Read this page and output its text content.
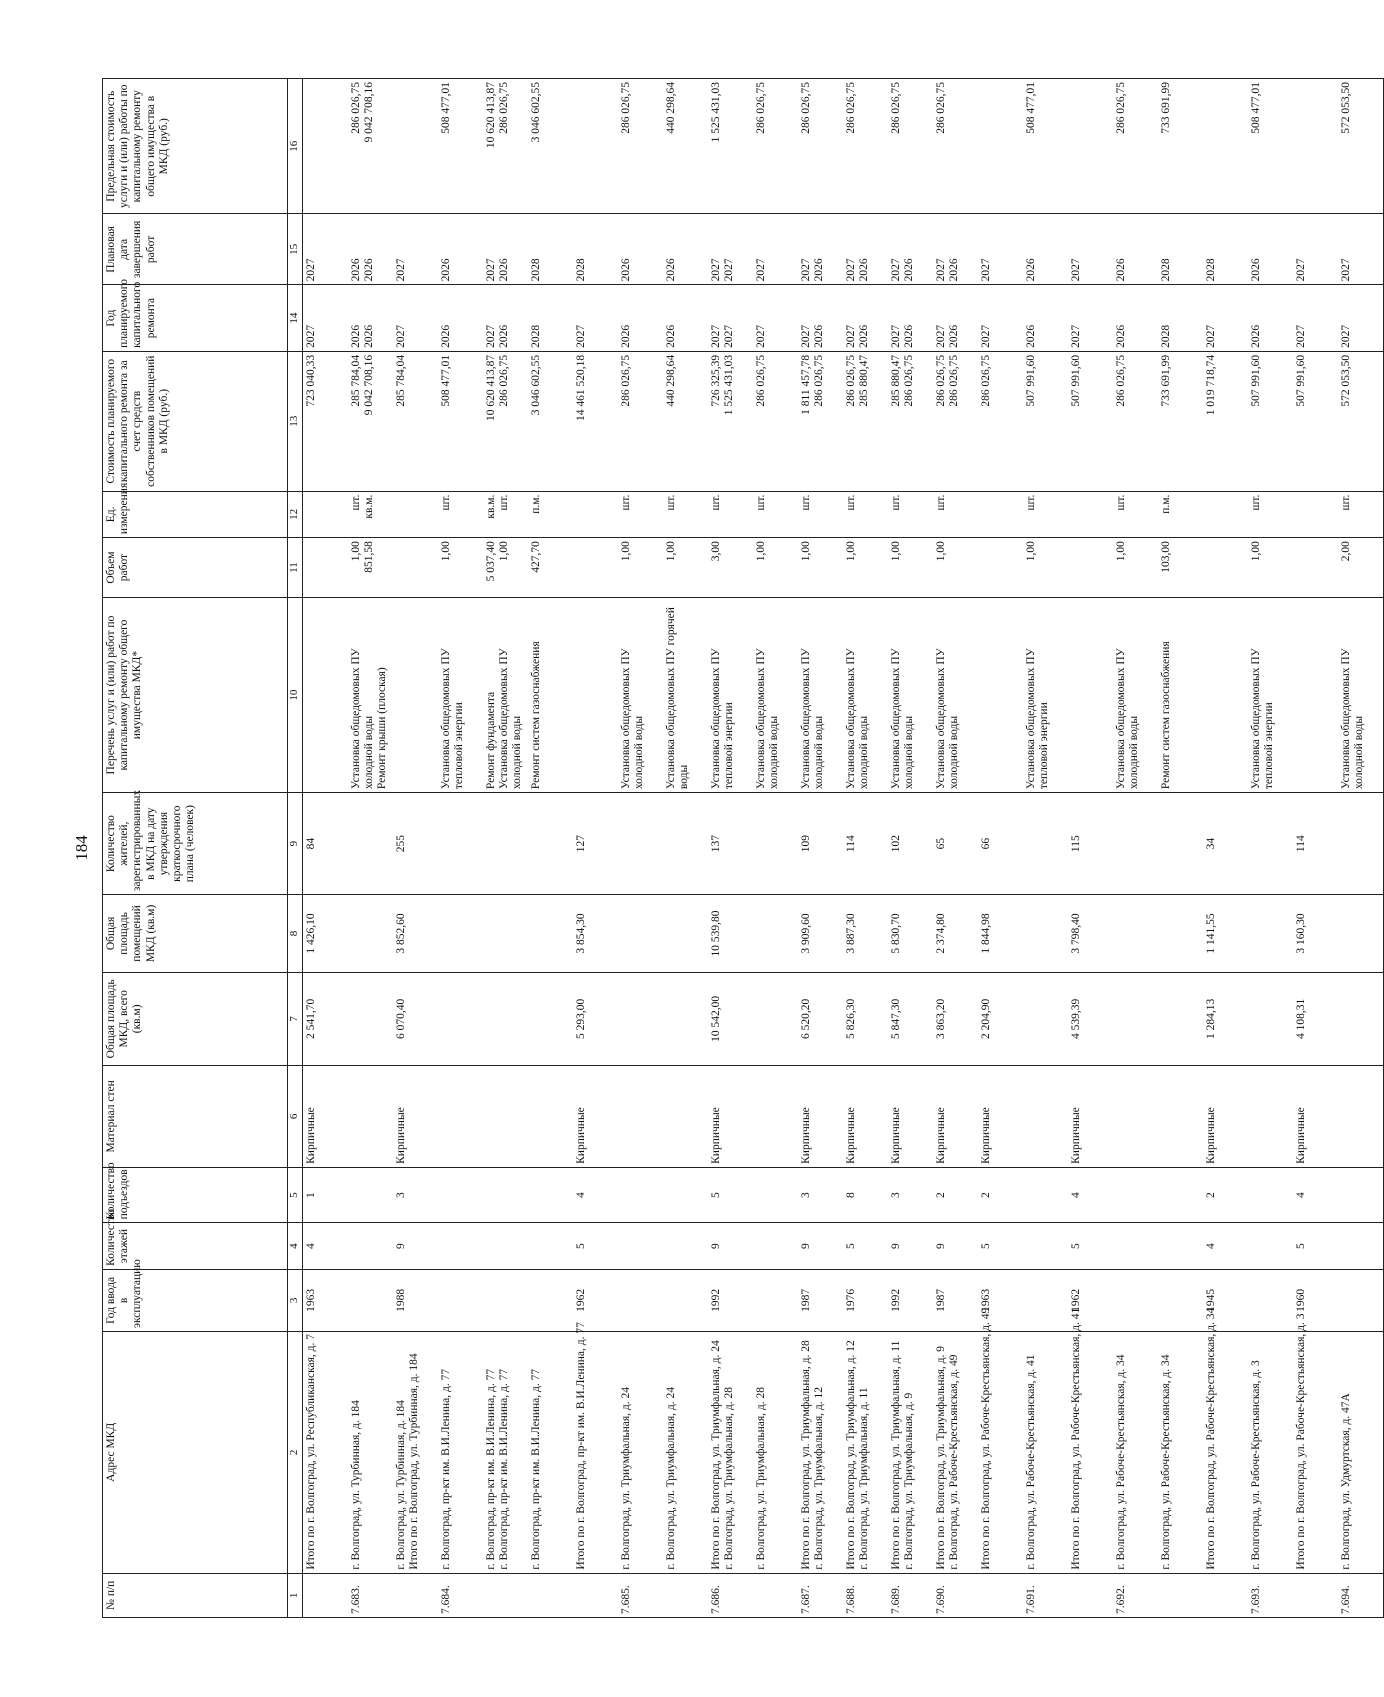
184
№ п/п	Адрес МКД	Год ввода в эксплуатацию	Количество этажей	Количество подъездов	Материал стен	Общая площадь МКД, всего (кв.м)	Общая площадь помещений МКД (кв.м)	Количество жителей, зарегистрированных в МКД на дату утверждения краткосрочного плана (человек)	Перечень услуг и (или) работ по капитальному ремонту общего имущества МКД*	Объем работ	Ед. измерения	Стоимость планируемого капитального ремонта за счет средств собственников помещений в МКД (руб.)	Год планируемого капитального ремонта	Плановая дата завершения работ	Предельная стоимость услуги и (или) работы по капитальному ремонту общего имущества в МКД (руб.)
1	2	3	4	5	6	7	8	9	10	11	12	13	14	15	16

	Итого по г. Волгоград, ул. Республиканская, д. 7	1963	4	1	Кирпичные	2 541,70	1 426,10	84				723 040,33	2027	2027	

7.683.	г. Волгоград, ул. Турбинная, д. 184								Установка общедомовых ПУ холодной воды Ремонт крыши (плоская)	1,00 851,58	шт. кв.м.	285 784,04 9 042 708,16	2026 2026	2026 2026	286 026,75 9 042 708,16

	г. Волгоград, ул. Турбинная, д. 184 Итого по г. Волгоград, ул. Турбинная, д. 184	1988	9	3	Кирпичные	6 070,40	3 852,60	255				285 784,04	2027	2027	

7.684.	г. Волгоград, пр-кт им. В.И.Ленина, д. 77								Установка общедомовых ПУ тепловой энергии	1,00	шт.	508 477,01	2026	2026	508 477,01

	г. Волгоград, пр-кт им. В.И.Ленина, д. 77 г. Волгоград, пр-кт им. В.И.Ленина, д. 77								Ремонт фундамента Установка общедомовых ПУ холодной воды	5 037,40 1,00	кв.м. шт.	10 620 413,87 286 026,75	2027 2026	2027 2026	10 620 413,87 286 026,75

	г. Волгоград, пр-кт им. В.И.Ленина, д. 77								Ремонт систем газоснабжения	427,70	п.м.	3 046 602,55	2028	2028	3 046 602,55

	Итого по г. Волгоград, пр-кт им. В.И.Ленина, д. 77	1962	5	4	Кирпичные	5 293,00	3 854,30	127				14 461 520,18	2027	2028	

7.685.	г. Волгоград, ул. Триумфальная, д. 24								Установка общедомовых ПУ холодной воды	1,00	шт.	286 026,75	2026	2026	286 026,75

	г. Волгоград, ул. Триумфальная, д. 24								Установка общедомовых ПУ горячей воды	1,00	шт.	440 298,64	2026	2026	440 298,64

7.686.	Итого по г. Волгоград, ул. Триумфальная, д. 24 г. Волгоград, ул. Триумфальная, д. 28	1992	9	5	Кирпичные	10 542,00	10 539,80	137	Установка общедомовых ПУ тепловой энергии	3,00	шт.	726 325,39 1 525 431,03	2027 2027	2027 2027	1 525 431,03

	г. Волгоград, ул. Триумфальная, д. 28								Установка общедомовых ПУ холодной воды	1,00	шт.	286 026,75	2027	2027	286 026,75

7.687.	Итого по г. Волгоград, ул. Триумфальная, д. 28 г. Волгоград, ул. Триумфальная, д. 12	1987	9	3	Кирпичные	6 520,20	3 909,60	109	Установка общедомовых ПУ холодной воды	1,00	шт.	1 811 457,78 286 026,75	2027 2026	2027 2026	286 026,75

7.688.	Итого по г. Волгоград, ул. Триумфальная, д. 12 г. Волгоград, ул. Триумфальная, д. 11	1976	5	8	Кирпичные	5 826,30	3 887,30	114	Установка общедомовых ПУ холодной воды	1,00	шт.	286 026,75 285 880,47	2027 2026	2027 2026	286 026,75

7.689.	Итого по г. Волгоград, ул. Триумфальная, д. 11 г. Волгоград, ул. Триумфальная, д. 9	1992	9	3	Кирпичные	5 847,30	5 830,70	102	Установка общедомовых ПУ холодной воды	1,00	шт.	285 880,47 286 026,75	2027 2026	2027 2026	286 026,75

7.690.	Итого по г. Волгоград, ул. Триумфальная, д. 9 г. Волгоград, ул. Рабоче-Крестьянская, д. 49	1987	9	2	Кирпичные	3 863,20	2 374,80	65	Установка общедомовых ПУ холодной воды	1,00	шт.	286 026,75 286 026,75	2027 2026	2027 2026	286 026,75

	Итого по г. Волгоград, ул. Рабоче-Крестьянская, д. 49	1963	5	2	Кирпичные	2 204,90	1 844,98	66				286 026,75	2027	2027	

7.691.	г. Волгоград, ул. Рабоче-Крестьянская, д. 41								Установка общедомовых ПУ тепловой энергии	1,00	шт.	507 991,60	2026	2026	508 477,01

	Итого по г. Волгоград, ул. Рабоче-Крестьянская, д. 41	1962	5	4	Кирпичные	4 539,39	3 798,40	115				507 991,60	2027	2027	

7.692.	г. Волгоград, ул. Рабоче-Крестьянская, д. 34								Установка общедомовых ПУ холодной воды	1,00	шт.	286 026,75	2026	2026	286 026,75

	г. Волгоград, ул. Рабоче-Крестьянская, д. 34								Ремонт систем газоснабжения	103,00	п.м.	733 691,99	2028	2028	733 691,99

	Итого по г. Волгоград, ул. Рабоче-Крестьянская, д. 34	1945	4	2	Кирпичные	1 284,13	1 141,55	34				1 019 718,74	2027	2028	

7.693.	г. Волгоград, ул. Рабоче-Крестьянская, д. 3								Установка общедомовых ПУ тепловой энергии	1,00	шт.	507 991,60	2026	2026	508 477,01

	Итого по г. Волгоград, ул. Рабоче-Крестьянская, д. 3	1960	5	4	Кирпичные	4 108,31	3 160,30	114				507 991,60	2027	2027	

7.694.	г. Волгоград, ул. Удмуртская, д. 47А								Установка общедомовых ПУ холодной воды	2,00	шт.	572 053,50	2027	2027	572 053,50
